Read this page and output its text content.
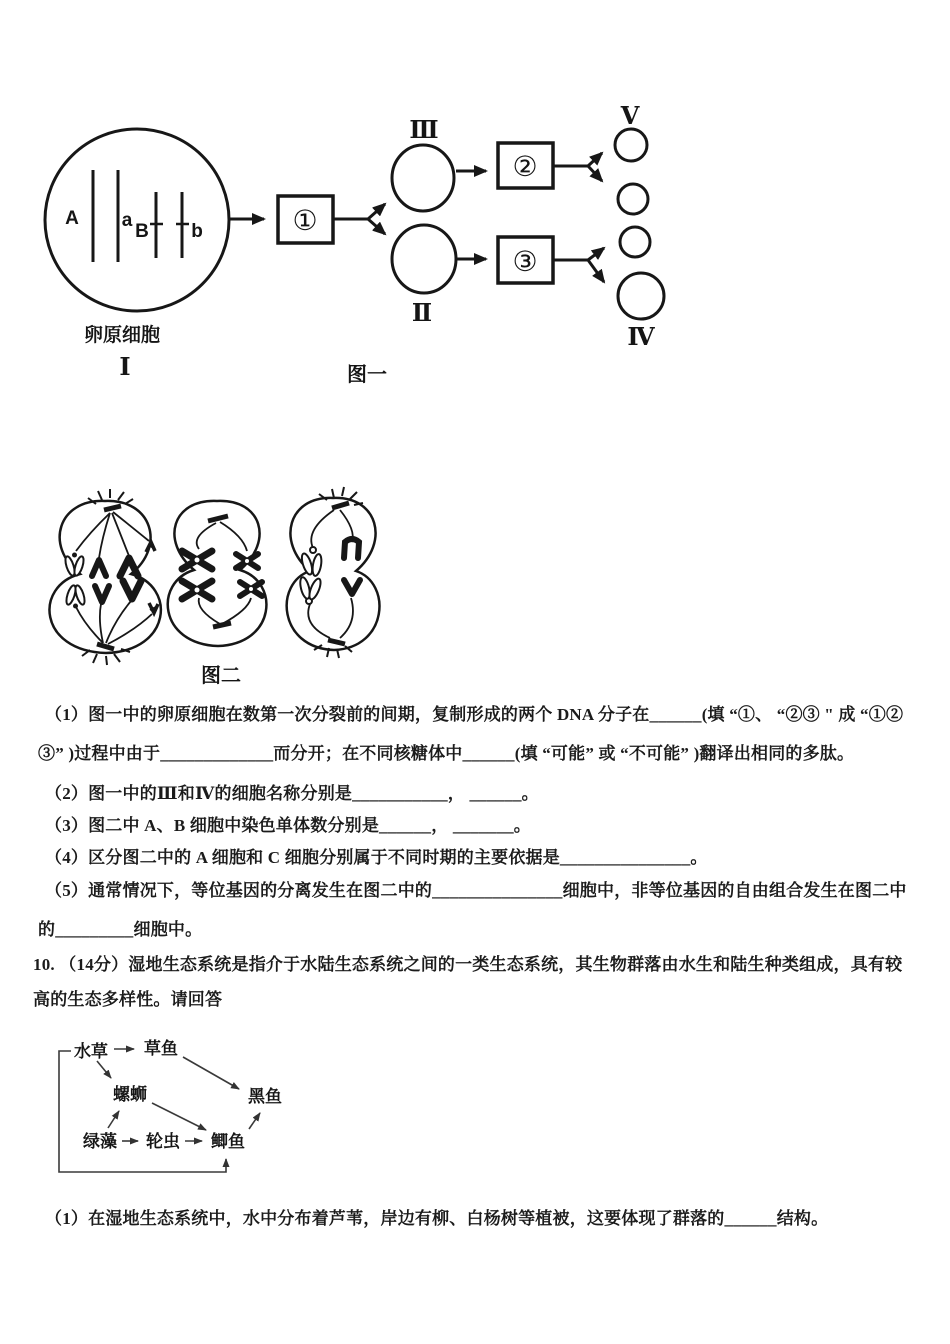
A a
B b
卵原细胞
Ⅰ
①
Ⅲ
Ⅱ
②
Ⅴ
③
Ⅳ
图一
图二

（1）图一中的卵原细胞在数第一次分裂前的间期，复制形成的两个 DNA 分子在______(填 “①、 “②③ " 成 “①②

③” )过程中由于_____________而分开；在不同核糖体中______(填 “可能” 或 “不可能” )翻译出相同的多肽。

（2）图一中的Ⅲ和Ⅳ的细胞名称分别是___________， ______。

（3）图二中 A、B 细胞中染色单体数分别是______， _______。

（4）区分图二中的 A 细胞和 C 细胞分别属于不同时期的主要依据是_______________。

（5）通常情况下，等位基因的分离发生在图二中的_______________细胞中，非等位基因的自由组合发生在图二中

的_________细胞中。

10. （14分）湿地生态系统是指介于水陆生态系统之间的一类生态系统，其生物群落由水生和陆生种类组成，具有较

高的生态多样性。请回答

（1）在湿地生态系统中，水中分布着芦苇，岸边有柳、白杨树等植被，这要体现了群落的______结构。

水草 草鱼
螺蛳	黑鱼
绿藻 轮虫 鲫鱼
